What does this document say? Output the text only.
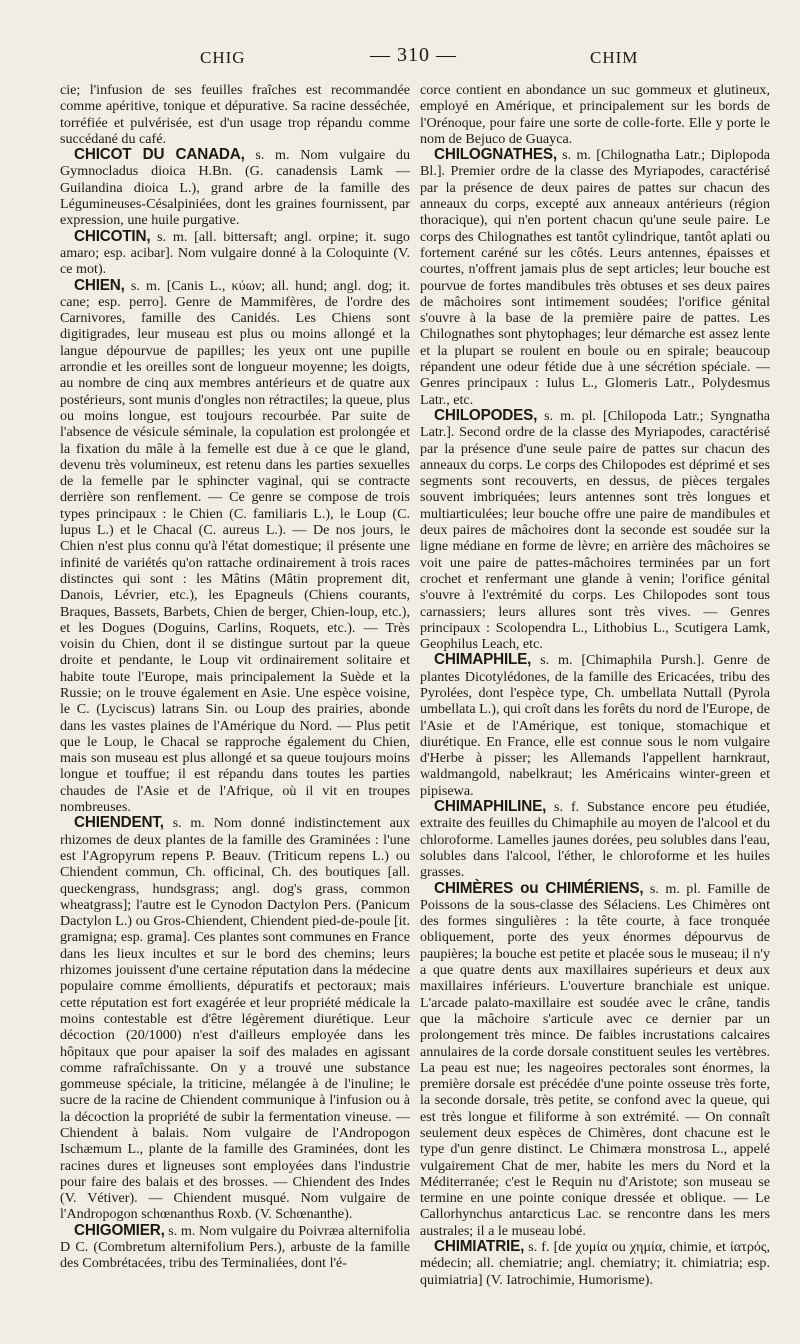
CHIG	— 310 —	CHIM

cie; l'infusion de ses feuilles fraîches est recommandée comme apéritive, tonique et dépurative. Sa racine desséchée, torréfiée et pulvérisée, est d'un usage trop répandu comme succédané du café.

CHICOT DU CANADA, s. m. Nom vulgaire du Gymnocladus dioica H.Bn. (G. canadensis Lamk — Guilandina dioica L.), grand arbre de la famille des Légumineuses-Césalpiniées, dont les graines fournissent, par expression, une huile purgative.

CHICOTIN, s. m. [all. bittersaft; angl. orpine; it. sugo amaro; esp. acibar]. Nom vulgaire donné à la Coloquinte (V. ce mot).

CHIEN, s. m. [Canis L., κύων; all. hund; angl. dog; it. cane; esp. perro]. Genre de Mammifères, de l'ordre des Carnivores, famille des Canidés. Les Chiens sont digitigrades, leur museau est plus ou moins allongé et la langue dépourvue de papilles; les yeux ont une pupille arrondie et les oreilles sont de longueur moyenne; les doigts, au nombre de cinq aux membres antérieurs et de quatre aux postérieurs, sont munis d'ongles non rétractiles; la queue, plus ou moins longue, est toujours recourbée. Par suite de l'absence de vésicule séminale, la copulation est prolongée et la fixation du mâle à la femelle est due à ce que le gland, devenu très volumineux, est retenu dans les parties sexuelles de la femelle par le sphincter vaginal, qui se contracte derrière son renflement. — Ce genre se compose de trois types principaux : le Chien (C. familiaris L.), le Loup (C. lupus L.) et le Chacal (C. aureus L.). — De nos jours, le Chien n'est plus connu qu'à l'état domestique; il présente une infinité de variétés qu'on rattache ordinairement à trois races distinctes qui sont : les Mâtins (Mâtin proprement dit, Danois, Lévrier, etc.), les Epagneuls (Chiens courants, Braques, Bassets, Barbets, Chien de berger, Chien-loup, etc.), et les Dogues (Doguins, Carlins, Roquets, etc.). — Très voisin du Chien, dont il se distingue surtout par la queue droite et pendante, le Loup vit ordinairement solitaire et habite toute l'Europe, mais principalement la Suède et la Russie; on le trouve également en Asie. Une espèce voisine, le C. (Lyciscus) latrans Sin. ou Loup des prairies, abonde dans les vastes plaines de l'Amérique du Nord. — Plus petit que le Loup, le Chacal se rapproche également du Chien, mais son museau est plus allongé et sa queue toujours moins longue et touffue; il est répandu dans toutes les parties chaudes de l'Asie et de l'Afrique, où il vit en troupes nombreuses.

CHIENDENT, s. m. Nom donné indistinctement aux rhizomes de deux plantes de la famille des Graminées : l'une est l'Agropyrum repens P. Beauv. (Triticum repens L.) ou Chiendent commun, Ch. officinal, Ch. des boutiques [all. queckengrass, hundsgrass; angl. dog's grass, common wheatgrass]; l'autre est le Cynodon Dactylon Pers. (Panicum Dactylon L.) ou Gros-Chiendent, Chiendent pied-de-poule [it. gramigna; esp. grama]. Ces plantes sont communes en France dans les lieux incultes et sur le bord des chemins; leurs rhizomes jouissent d'une certaine réputation dans la médecine populaire comme émollients, dépuratifs et pectoraux; mais cette réputation est fort exagérée et leur propriété médicale la moins contestable est d'être légèrement diurétique. Leur décoction (20/1000) n'est d'ailleurs employée dans les hôpitaux que pour apaiser la soif des malades en agissant comme rafraîchissante. On y a trouvé une substance gommeuse spéciale, la triticine, mélangée à de l'inuline; le sucre de la racine de Chiendent communique à l'infusion ou à la décoction la propriété de subir la fermentation vineuse. — Chiendent à balais. Nom vulgaire de l'Andropogon Ischæmum L., plante de la famille des Graminées, dont les racines dures et ligneuses sont employées dans l'industrie pour faire des balais et des brosses. — Chiendent des Indes (V. Vétiver). — Chiendent musqué. Nom vulgaire de l'Andropogon schœnanthus Roxb. (V. Schœnanthe).

CHIGOMIER, s. m. Nom vulgaire du Poivræa alternifolia D C. (Combretum alternifolium Pers.), arbuste de la famille des Combrétacées, tribu des Terminaliées, dont l'é-

corce contient en abondance un suc gommeux et glutineux, employé en Amérique, et principalement sur les bords de l'Orénoque, pour faire une sorte de colle-forte. Elle y porte le nom de Bejuco de Guayca.

CHILOGNATHES, s. m. [Chilognatha Latr.; Diplopoda Bl.]. Premier ordre de la classe des Myriapodes, caractérisé par la présence de deux paires de pattes sur chacun des anneaux du corps, excepté aux anneaux antérieurs (région thoracique), qui n'en portent chacun qu'une seule paire. Le corps des Chilognathes est tantôt cylindrique, tantôt aplati ou fortement caréné sur les côtés. Leurs antennes, épaisses et courtes, n'offrent jamais plus de sept articles; leur bouche est pourvue de fortes mandibules très obtuses et ses deux paires de mâchoires sont intimement soudées; l'orifice génital s'ouvre à la base de la première paire de pattes. Les Chilognathes sont phytophages; leur démarche est assez lente et la plupart se roulent en boule ou en spirale; beaucoup répandent une odeur fétide due à une sécrétion spéciale. — Genres principaux : Iulus L., Glomeris Latr., Polydesmus Latr., etc.

CHILOPODES, s. m. pl. [Chilopoda Latr.; Syngnatha Latr.]. Second ordre de la classe des Myriapodes, caractérisé par la présence d'une seule paire de pattes sur chacun des anneaux du corps. Le corps des Chilopodes est déprimé et ses segments sont recouverts, en dessus, de pièces tergales souvent imbriquées; leurs antennes sont très longues et multiarticulées; leur bouche offre une paire de mandibules et deux paires de mâchoires dont la seconde est soudée sur la ligne médiane en forme de lèvre; en arrière des mâchoires se voit une paire de pattes-mâchoires terminées par un fort crochet et renfermant une glande à venin; l'orifice génital s'ouvre à l'extrémité du corps. Les Chilopodes sont tous carnassiers; leurs allures sont très vives. — Genres principaux : Scolopendra L., Lithobius L., Scutigera Lamk, Geophilus Leach, etc.

CHIMAPHILE, s. m. [Chimaphila Pursh.]. Genre de plantes Dicotylédones, de la famille des Ericacées, tribu des Pyrolées, dont l'espèce type, Ch. umbellata Nuttall (Pyrola umbellata L.), qui croît dans les forêts du nord de l'Europe, de l'Asie et de l'Amérique, est tonique, stomachique et diurétique. En France, elle est connue sous le nom vulgaire d'Herbe à pisser; les Allemands l'appellent harnkraut, waldmangold, nabelkraut; les Américains winter-green et pipisewa.

CHIMAPHILINE, s. f. Substance encore peu étudiée, extraite des feuilles du Chimaphile au moyen de l'alcool et du chloroforme. Lamelles jaunes dorées, peu solubles dans l'eau, solubles dans l'alcool, l'éther, le chloroforme et les huiles grasses.

CHIMÈRES ou CHIMÉRIENS, s. m. pl. Famille de Poissons de la sous-classe des Sélaciens. Les Chimères ont des formes singulières : la tête courte, à face tronquée obliquement, porte des yeux énormes dépourvus de paupières; la bouche est petite et placée sous le museau; il n'y a que quatre dents aux maxillaires supérieurs et deux aux maxillaires inférieurs. L'ouverture branchiale est unique. L'arcade palato-maxillaire est soudée avec le crâne, tandis que la mâchoire s'articule avec ce dernier par un prolongement très mince. De faibles incrustations calcaires annulaires de la corde dorsale constituent seules les vertèbres. La peau est nue; les nageoires pectorales sont énormes, la première dorsale est précédée d'une pointe osseuse très forte, la seconde dorsale, très petite, se confond avec la queue, qui est très longue et filiforme à son extrémité. — On connaît seulement deux espèces de Chimères, dont chacune est le type d'un genre distinct. Le Chimæra monstrosa L., appelé vulgairement Chat de mer, habite les mers du Nord et la Méditerranée; c'est le Requin nu d'Aristote; son museau se termine en une pointe conique dressée et oblique. — Le Callorhynchus antarcticus Lac. se rencontre dans les mers australes; il a le museau lobé.

CHIMIATRIE, s. f. [de χυμία ou χημία, chimie, et ἰατρός, médecin; all. chemiatrie; angl. chemiatry; it. chimiatria; esp. quimiatria] (V. Iatrochimie, Humorisme).
